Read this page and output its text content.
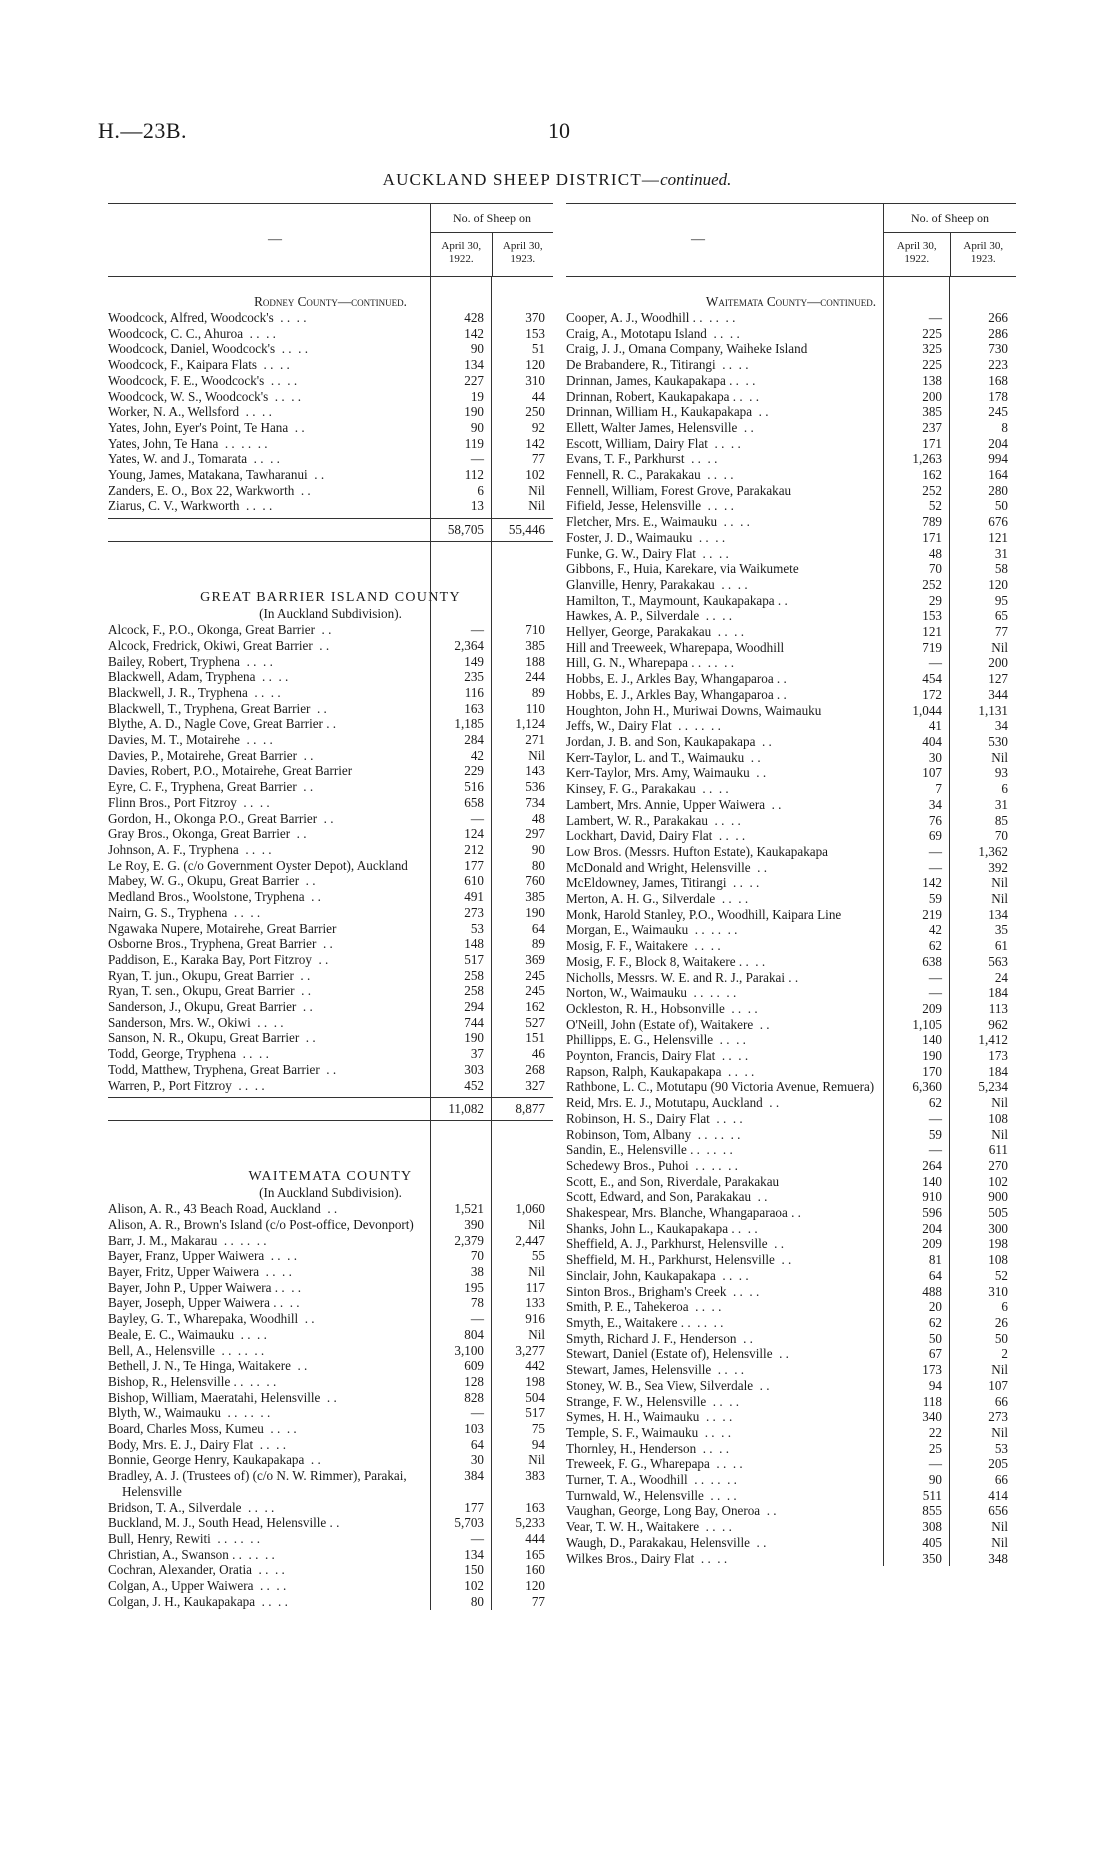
H.—23B.	10
AUCKLAND SHEEP DISTRICT—continued.
—
No. of Sheep on
April 30, 1922.
April 30, 1923.
Rodney County—continued.
Woodcock, Alfred, Woodcock's  . .  . .	428	370
Woodcock, C. C., Ahuroa  . .  . .	142	153
Woodcock, Daniel, Woodcock's  . .  . .	90	51
Woodcock, F., Kaipara Flats  . .  . .	134	120
Woodcock, F. E., Woodcock's  . .  . .	227	310
Woodcock, W. S., Woodcock's  . .  . .	19	44
Worker, N. A., Wellsford  . .  . .	190	250
Yates, John, Eyer's Point, Te Hana  . .	90	92
Yates, John, Te Hana  . .  . .  . .	119	142
Yates, W. and J., Tomarata  . .  . .	—	77
Young, James, Matakana, Tawharanui  . .	112	102
Zanders, E. O., Box 22, Warkworth  . .	6	Nil
Ziarus, C. V., Warkworth  . .  . .	13	Nil
58,705	55,446
GREAT BARRIER ISLAND COUNTY
(In Auckland Subdivision).
Alcock, F., P.O., Okonga, Great Barrier  . .	—	710
Alcock, Fredrick, Okiwi, Great Barrier  . .	2,364	385
Bailey, Robert, Tryphena  . .  . .	149	188
Blackwell, Adam, Tryphena  . .  . .	235	244
Blackwell, J. R., Tryphena  . .  . .	116	89
Blackwell, T., Tryphena, Great Barrier  . .	163	110
Blythe, A. D., Nagle Cove, Great Barrier . .	1,185	1,124
Davies, M. T., Motairehe  . .  . .	284	271
Davies, P., Motairehe, Great Barrier  . .	42	Nil
Davies, Robert, P.O., Motairehe, Great Barrier	229	143
Eyre, C. F., Tryphena, Great Barrier  . .	516	536
Flinn Bros., Port Fitzroy  . .  . .	658	734
Gordon, H., Okonga P.O., Great Barrier  . .	—	48
Gray Bros., Okonga, Great Barrier  . .	124	297
Johnson, A. F., Tryphena  . .  . .	212	90
Le Roy, E. G. (c/o Government Oyster Depot), Auckland	177	80
Mabey, W. G., Okupu, Great Barrier  . .	610	760
Medland Bros., Woolstone, Tryphena  . .	491	385
Nairn, G. S., Tryphena  . .  . .	273	190
Ngawaka Nupere, Motairehe, Great Barrier	53	64
Osborne Bros., Tryphena, Great Barrier  . .	148	89
Paddison, E., Karaka Bay, Port Fitzroy  . .	517	369
Ryan, T. jun., Okupu, Great Barrier  . .	258	245
Ryan, T. sen., Okupu, Great Barrier  . .	258	245
Sanderson, J., Okupu, Great Barrier  . .	294	162
Sanderson, Mrs. W., Okiwi  . .  . .	744	527
Sanson, N. R., Okupu, Great Barrier  . .	190	151
Todd, George, Tryphena  . .  . .	37	46
Todd, Matthew, Tryphena, Great Barrier  . .	303	268
Warren, P., Port Fitzroy  . .  . .	452	327
11,082	8,877
WAITEMATA COUNTY
(In Auckland Subdivision).
Alison, A. R., 43 Beach Road, Auckland  . .	1,521	1,060
Alison, A. R., Brown's Island (c/o Post-office, Devonport)	390	Nil
Barr, J. M., Makarau  . .  . .  . .	2,379	2,447
Bayer, Franz, Upper Waiwera  . .  . .	70	55
Bayer, Fritz, Upper Waiwera  . .  . .	38	Nil
Bayer, John P., Upper Waiwera . .  . .	195	117
Bayer, Joseph, Upper Waiwera . .  . .	78	133
Bayley, G. T., Wharepaka, Woodhill  . .	—	916
Beale, E. C., Waimauku  . .  . .	804	Nil
Bell, A., Helensville  . .  . .  . .	3,100	3,277
Bethell, J. N., Te Hinga, Waitakere  . .	609	442
Bishop, R., Helensville . .  . .  . .	128	198
Bishop, William, Maeratahi, Helensville  . .	828	504
Blyth, W., Waimauku  . .  . .  . .	—	517
Board, Charles Moss, Kumeu  . .  . .	103	75
Body, Mrs. E. J., Dairy Flat  . .  . .	64	94
Bonnie, George Henry, Kaukapakapa  . .	30	Nil
Bradley, A. J. (Trustees of) (c/o N. W. Rimmer), Parakai, Helensville
384	383
Bridson, T. A., Silverdale  . .  . .	177	163
Buckland, M. J., South Head, Helensville . .	5,703	5,233
Bull, Henry, Rewiti  . .  . .  . .	—	444
Christian, A., Swanson . .  . .  . .	134	165
Cochran, Alexander, Oratia  . .  . .	150	160
Colgan, A., Upper Waiwera  . .  . .	102	120
Colgan, J. H., Kaukapakapa  . .  . .	80	77
—
No. of Sheep on
April 30, 1922.
April 30, 1923.
Waitemata County—continued.
Cooper, A. J., Woodhill . .  . .  . .	—	266
Craig, A., Mototapu Island  . .  . .	225	286
Craig, J. J., Omana Company, Waiheke Island	325	730
De Brabandere, R., Titirangi  . .  . .	225	223
Drinnan, James, Kaukapakapa . .  . .	138	168
Drinnan, Robert, Kaukapakapa . .  . .	200	178
Drinnan, William H., Kaukapakapa  . .	385	245
Ellett, Walter James, Helensville  . .	237	8
Escott, William, Dairy Flat  . .  . .	171	204
Evans, T. F., Parkhurst  . .  . .	1,263	994
Fennell, R. C., Parakakau  . .  . .	162	164
Fennell, William, Forest Grove, Parakakau	252	280
Fifield, Jesse, Helensville  . .  . .	52	50
Fletcher, Mrs. E., Waimauku  . .  . .	789	676
Foster, J. D., Waimauku  . .  . .	171	121
Funke, G. W., Dairy Flat  . .  . .	48	31
Gibbons, F., Huia, Karekare, via Waikumete	70	58
Glanville, Henry, Parakakau  . .  . .	252	120
Hamilton, T., Maymount, Kaukapakapa . .	29	95
Hawkes, A. P., Silverdale  . .  . .	153	65
Hellyer, George, Parakakau  . .  . .	121	77
Hill and Treeweek, Wharepapa, Woodhill	719	Nil
Hill, G. N., Wharepapa . .  . .  . .	—	200
Hobbs, E. J., Arkles Bay, Whangaparoa . .	454	127
Hobbs, E. J., Arkles Bay, Whangaparoa . .	172	344
Houghton, John H., Muriwai Downs, Waimauku	1,044	1,131
Jeffs, W., Dairy Flat  . .  . .  . .	41	34
Jordan, J. B. and Son, Kaukapakapa  . .	404	530
Kerr-Taylor, L. and T., Waimauku  . .	30	Nil
Kerr-Taylor, Mrs. Amy, Waimauku  . .	107	93
Kinsey, F. G., Parakakau  . .  . .	7	6
Lambert, Mrs. Annie, Upper Waiwera  . .	34	31
Lambert, W. R., Parakakau  . .  . .	76	85
Lockhart, David, Dairy Flat  . .  . .	69	70
Low Bros. (Messrs. Hufton Estate), Kaukapakapa	—	1,362
McDonald and Wright, Helensville  . .	—	392
McEldowney, James, Titirangi  . .  . .	142	Nil
Merton, A. H. G., Silverdale  . .  . .	59	Nil
Monk, Harold Stanley, P.O., Woodhill, Kaipara Line	219	134
Morgan, E., Waimauku  . .  . .  . .	42	35
Mosig, F. F., Waitakere  . .  . .	62	61
Mosig, F. F., Block 8, Waitakere . .  . .	638	563
Nicholls, Messrs. W. E. and R. J., Parakai . .	—	24
Norton, W., Waimauku  . .  . .  . .	—	184
Ockleston, R. H., Hobsonville  . .  . .	209	113
O'Neill, John (Estate of), Waitakere  . .	1,105	962
Phillipps, E. G., Helensville  . .  . .	140	1,412
Poynton, Francis, Dairy Flat  . .  . .	190	173
Rapson, Ralph, Kaukapakapa  . .  . .	170	184
Rathbone, L. C., Motutapu (90 Victoria Avenue, Remuera)	6,360	5,234
Reid, Mrs. E. J., Motutapu, Auckland  . .	62	Nil
Robinson, H. S., Dairy Flat  . .  . .	—	108
Robinson, Tom, Albany  . .  . .  . .	59	Nil
Sandin, E., Helensville . .  . .  . .	—	611
Schedewy Bros., Puhoi  . .  . .  . .	264	270
Scott, E., and Son, Riverdale, Parakakau	140	102
Scott, Edward, and Son, Parakakau  . .	910	900
Shakespear, Mrs. Blanche, Whangaparaoa . .	596	505
Shanks, John L., Kaukapakapa . .  . .	204	300
Sheffield, A. J., Parkhurst, Helensville  . .	209	198
Sheffield, M. H., Parkhurst, Helensville  . .	81	108
Sinclair, John, Kaukapakapa  . .  . .	64	52
Sinton Bros., Brigham's Creek  . .  . .	488	310
Smith, P. E., Tahekeroa  . .  . .	20	6
Smyth, E., Waitakere . .  . .  . .	62	26
Smyth, Richard J. F., Henderson  . .	50	50
Stewart, Daniel (Estate of), Helensville  . .	67	2
Stewart, James, Helensville  . .  . .	173	Nil
Stoney, W. B., Sea View, Silverdale  . .	94	107
Strange, F. W., Helensville  . .  . .	118	66
Symes, H. H., Waimauku  . .  . .	340	273
Temple, S. F., Waimauku  . .  . .	22	Nil
Thornley, H., Henderson  . .  . .	25	53
Treweek, F. G., Wharepapa  . .  . .	—	205
Turner, T. A., Woodhill  . .  . .  . .	90	66
Turnwald, W., Helensville  . .  . .	511	414
Vaughan, George, Long Bay, Oneroa  . .	855	656
Vear, T. W. H., Waitakere  . .  . .	308	Nil
Waugh, D., Parakakau, Helensville  . .	405	Nil
Wilkes Bros., Dairy Flat  . .  . .	350	348
